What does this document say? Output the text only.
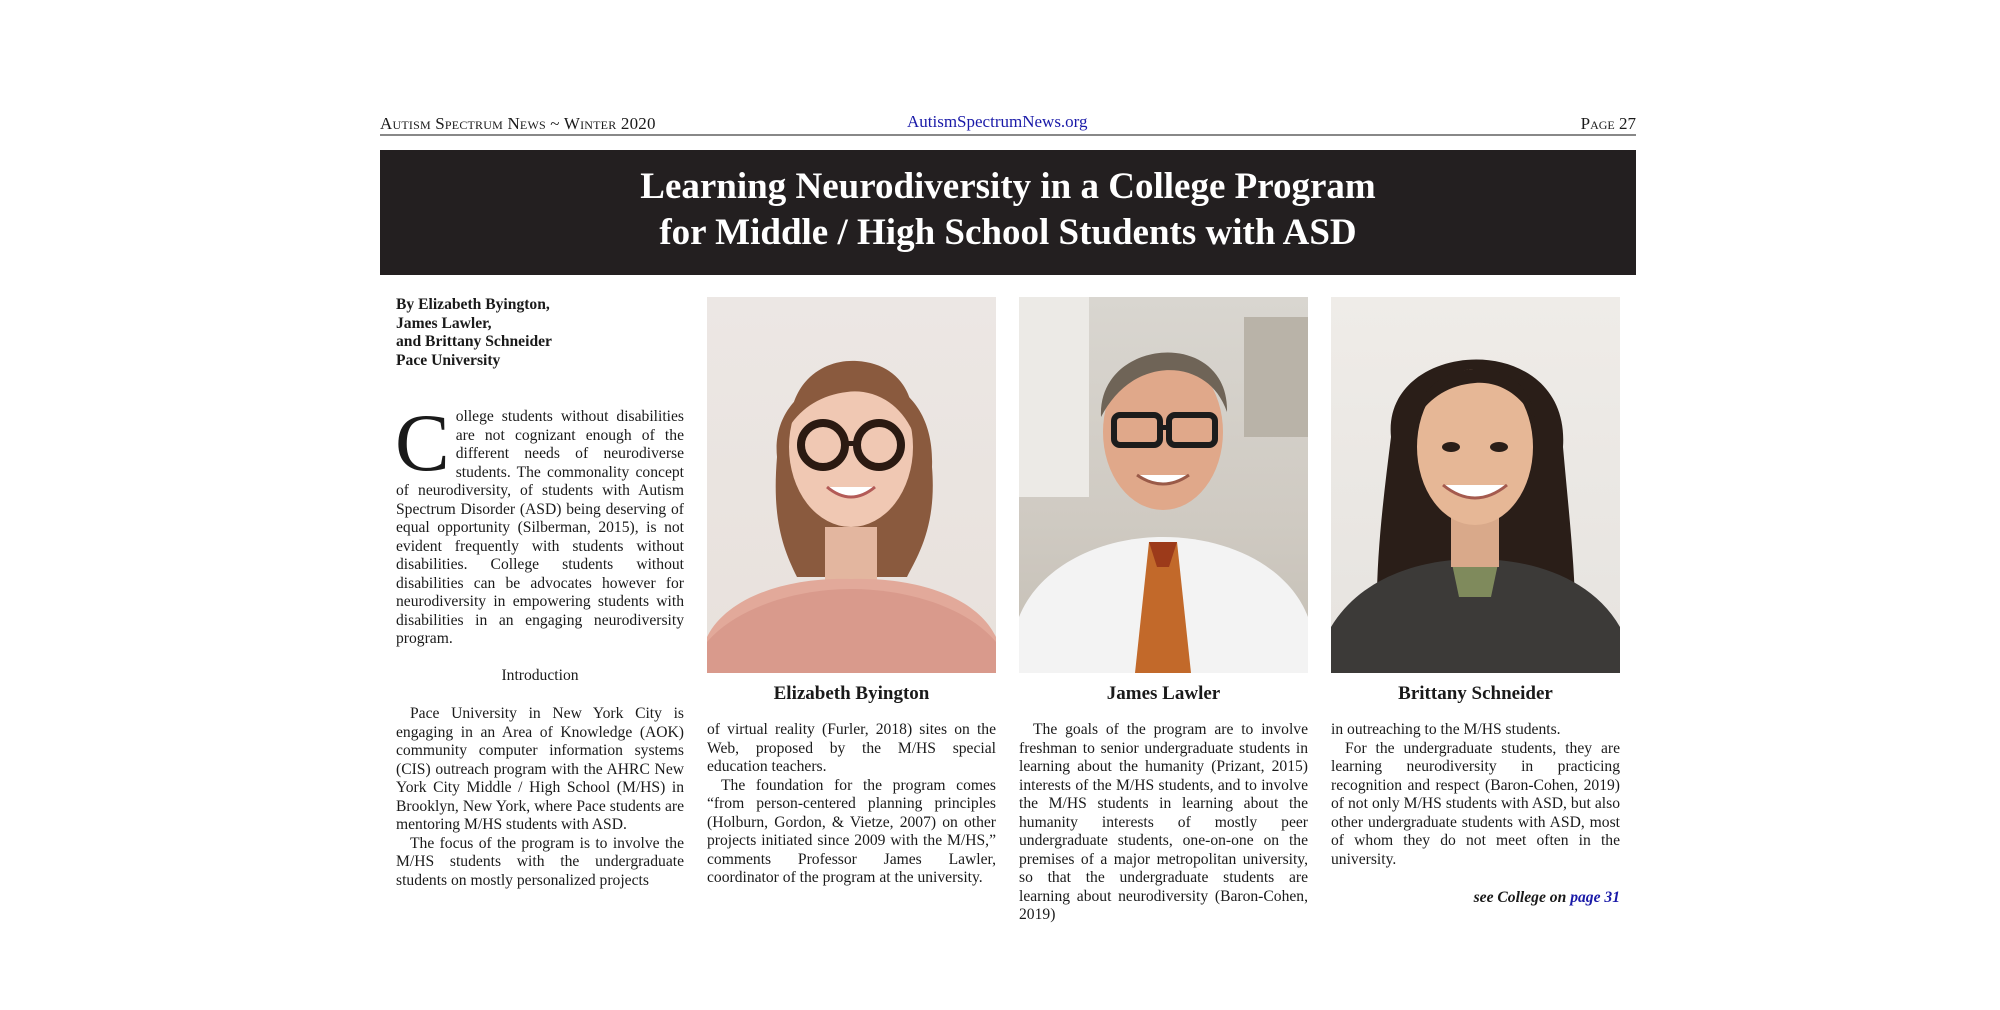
Autism Spectrum News ~ Winter 2020	AutismSpectrumNews.org	Page 27
Learning Neurodiversity in a College Program
for Middle / High School Students with ASD
By Elizabeth Byington,
James Lawler,
and Brittany Schneider
Pace University
College students without disabilities are not cognizant enough of the different needs of neurodiverse students. The commonality concept of neurodiversity, of students with Autism Spectrum Disorder (ASD) being deserving of equal opportunity (Silberman, 2015), is not evident frequently with students without disabilities. College students without disabilities can be advocates however for neurodiversity in empowering students with disabilities in an engaging neurodiversity program.
Introduction

Pace University in New York City is engaging in an Area of Knowledge (AOK) community computer information systems (CIS) outreach program with the AHRC New York City Middle / High School (M/HS) in Brooklyn, New York, where Pace students are mentoring M/HS students with ASD.

The focus of the program is to involve the M/HS students with the undergraduate students on mostly personalized projects

Elizabeth Byington	James Lawler	Brittany Schneider

of virtual reality (Furler, 2018) sites on the Web, proposed by the M/HS special education teachers.

The foundation for the program comes “from person-centered planning principles (Holburn, Gordon, & Vietze, 2007) on other projects initiated since 2009 with the M/HS,” comments Professor James Lawler, coordinator of the program at the university.

The goals of the program are to involve freshman to senior undergraduate students in learning about the humanity (Prizant, 2015) interests of the M/HS students, and to involve the M/HS students in learning about the humanity interests of mostly peer undergraduate students, one-on-one on the premises of a major metropolitan university, so that the undergraduate students are learning about neurodiversity (Baron-Cohen, 2019)

in outreaching to the M/HS students.

For the undergraduate students, they are learning neurodiversity in practicing recognition and respect (Baron-Cohen, 2019) of not only M/HS students with ASD, but also other undergraduate students with ASD, most of whom they do not meet often in the university.

see College on page 31
